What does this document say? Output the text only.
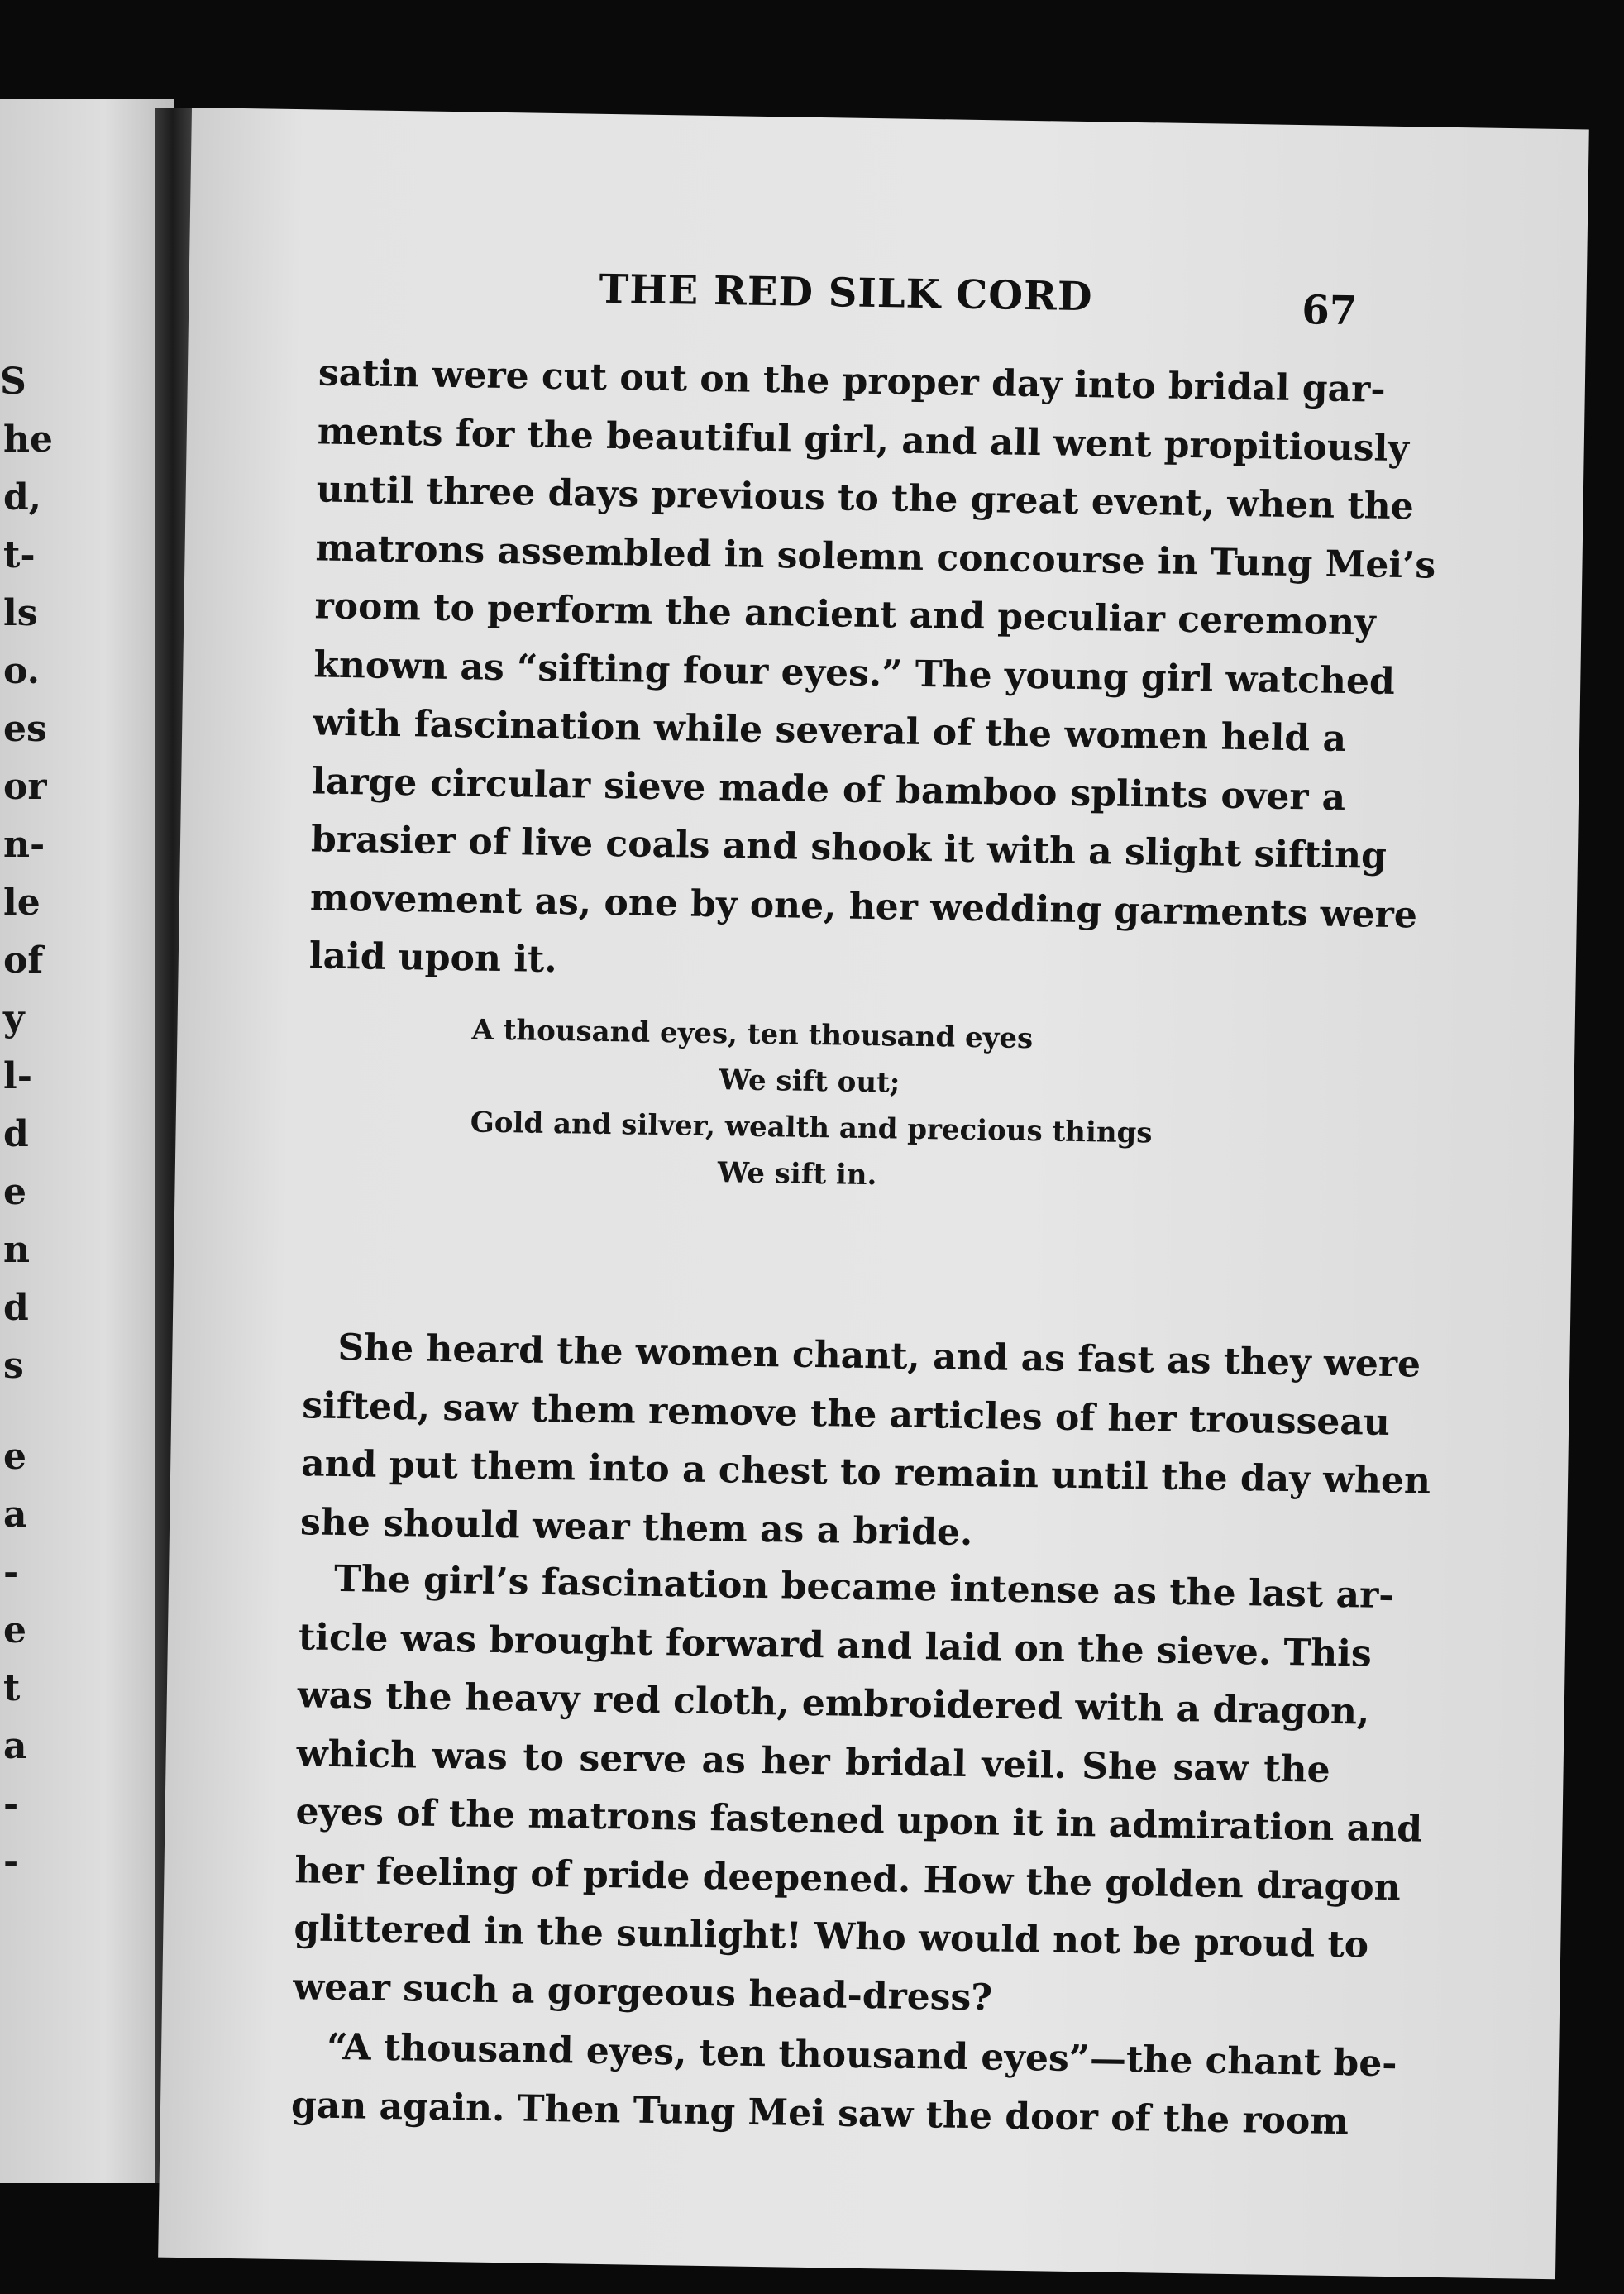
S
he
d,
t-
ls
o.
es
or
n-
le
of
y
l-
d
e
n
d
s
e
a
-
e
t
a
-
-
THE RED SILK CORD	67
satin were cut out on the proper day into bridal gar-
ments for the beautiful girl, and all went propitiously
until three days previous to the great event, when the
matrons assembled in solemn concourse in Tung Mei’s
room to perform the ancient and peculiar ceremony
known as “sifting four eyes.” The young girl watched
with fascination while several of the women held a
large circular sieve made of bamboo splints over a
brasier of live coals and shook it with a slight sifting
movement as, one by one, her wedding garments were
laid upon it.
A thousand eyes, ten thousand eyes
We sift out;
Gold and silver, wealth and precious things
We sift in.
She heard the women chant, and as fast as they were
sifted, saw them remove the articles of her trousseau
and put them into a chest to remain until the day when
she should wear them as a bride.
The girl’s fascination became intense as the last ar-
ticle was brought forward and laid on the sieve. This
was the heavy red cloth, embroidered with a dragon,
which was to serve as her bridal veil. She saw the
eyes of the matrons fastened upon it in admiration and
her feeling of pride deepened. How the golden dragon
glittered in the sunlight! Who would not be proud to
wear such a gorgeous head-dress?
“A thousand eyes, ten thousand eyes”—the chant be-
gan again. Then Tung Mei saw the door of the room
